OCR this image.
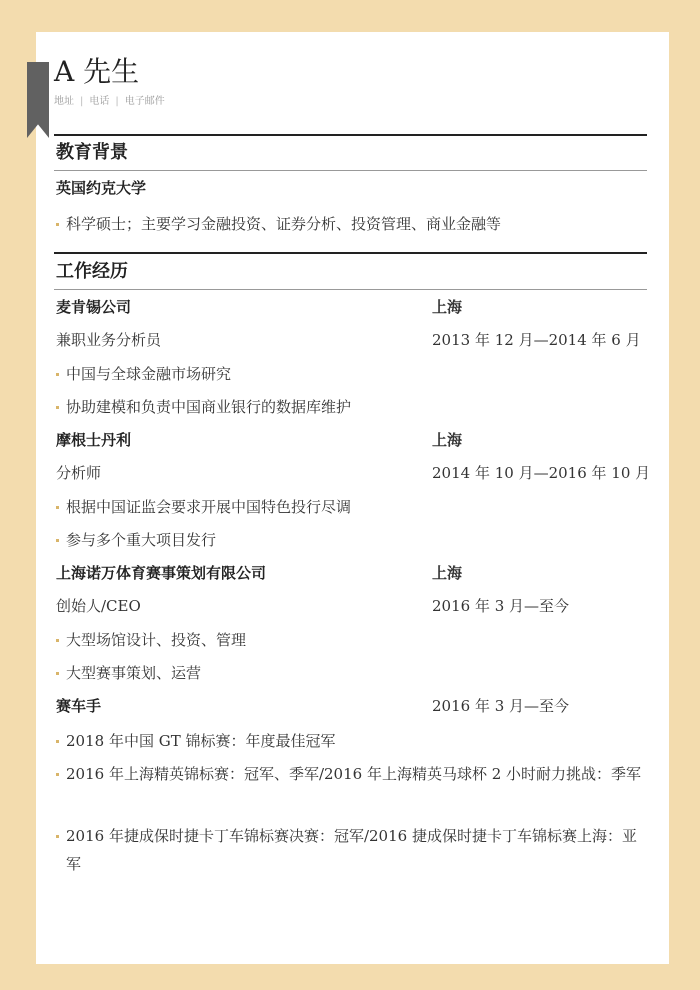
A 先生
地址 | 电话 | 电子邮件
教育背景
英国约克大学
科学硕士；主要学习金融投资、证券分析、投资管理、商业金融等
工作经历
麦肯锡公司	上海
兼职业务分析员	2013 年 12 月—2014 年 6 月
中国与全球金融市场研究
协助建模和负责中国商业银行的数据库维护
摩根士丹利	上海
分析师	2014 年 10 月—2016 年 10 月
根据中国证监会要求开展中国特色投行尽调
参与多个重大项目发行
上海诺万体育赛事策划有限公司	上海
创始人/CEO	2016 年 3 月—至今
大型场馆设计、投资、管理
大型赛事策划、运营
赛车手	2016 年 3 月—至今
2018 年中国 GT 锦标赛：年度最佳冠军
2016 年上海精英锦标赛：冠军、季军/2016 年上海精英马球杯 2 小时耐力挑战：季军
2016 年捷成保时捷卡丁车锦标赛决赛：冠军/2016 捷成保时捷卡丁车锦标赛上海：亚军
